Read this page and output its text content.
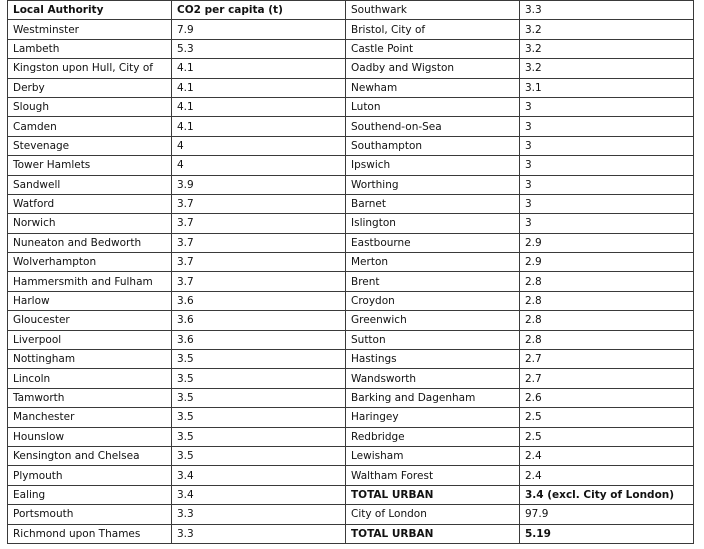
Local Authority	CO2 per capita (t)	Southwark	3.3
Westminster	7.9	Bristol, City of	3.2
Lambeth	5.3	Castle Point	3.2
Kingston upon Hull, City of	4.1	Oadby and Wigston	3.2
Derby	4.1	Newham	3.1
Slough	4.1	Luton	3
Camden	4.1	Southend-on-Sea	3
Stevenage	4	Southampton	3
Tower Hamlets	4	Ipswich	3
Sandwell	3.9	Worthing	3
Watford	3.7	Barnet	3
Norwich	3.7	Islington	3
Nuneaton and Bedworth	3.7	Eastbourne	2.9
Wolverhampton	3.7	Merton	2.9
Hammersmith and Fulham	3.7	Brent	2.8
Harlow	3.6	Croydon	2.8
Gloucester	3.6	Greenwich	2.8
Liverpool	3.6	Sutton	2.8
Nottingham	3.5	Hastings	2.7
Lincoln	3.5	Wandsworth	2.7
Tamworth	3.5	Barking and Dagenham	2.6
Manchester	3.5	Haringey	2.5
Hounslow	3.5	Redbridge	2.5
Kensington and Chelsea	3.5	Lewisham	2.4
Plymouth	3.4	Waltham Forest	2.4
Ealing	3.4	TOTAL URBAN	3.4 (excl. City of London)
Portsmouth	3.3	City of London	97.9
Richmond upon Thames	3.3	TOTAL URBAN	5.19
